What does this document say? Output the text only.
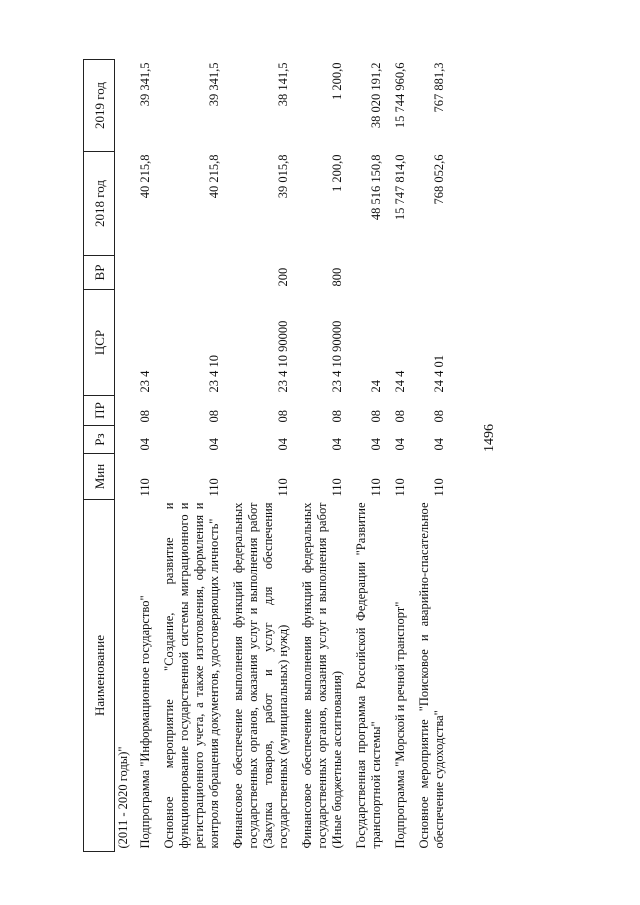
1496
Наименование	Мин	Рз	ПР	ЦСР	ВР	2018 год	2019 год
(2011 - 2020 годы)"							
Подпрограмма "Информационное государство"	110	04	08	23 4		40 215,8	39 341,5
Основное мероприятие "Создание, развитие и функционирование государственной системы миграционного и регистрационного учета, а также изготовления, оформления и контроля обращения документов, удостоверяющих личность"	110	04	08	23 4 10		40 215,8	39 341,5
Финансовое обеспечение выполнения функций федеральных государственных органов, оказания услуг и выполнения работ (Закупка товаров, работ и услуг для обеспечения государственных (муниципальных) нужд)	110	04	08	23 4 10 90000	200	39 015,8	38 141,5
Финансовое обеспечение выполнения функций федеральных государственных органов, оказания услуг и выполнения работ (Иные бюджетные ассигнования)	110	04	08	23 4 10 90000	800	1 200,0	1 200,0
Государственная программа Российской Федерации "Развитие транспортной системы"	110	04	08	24		48 516 150,8	38 020 191,2
Подпрограмма "Морской и речной транспорт"	110	04	08	24 4		15 747 814,0	15 744 960,6
Основное мероприятие "Поисковое и аварийно-спасательное обеспечение судоходства"	110	04	08	24 4 01		768 052,6	767 881,3
